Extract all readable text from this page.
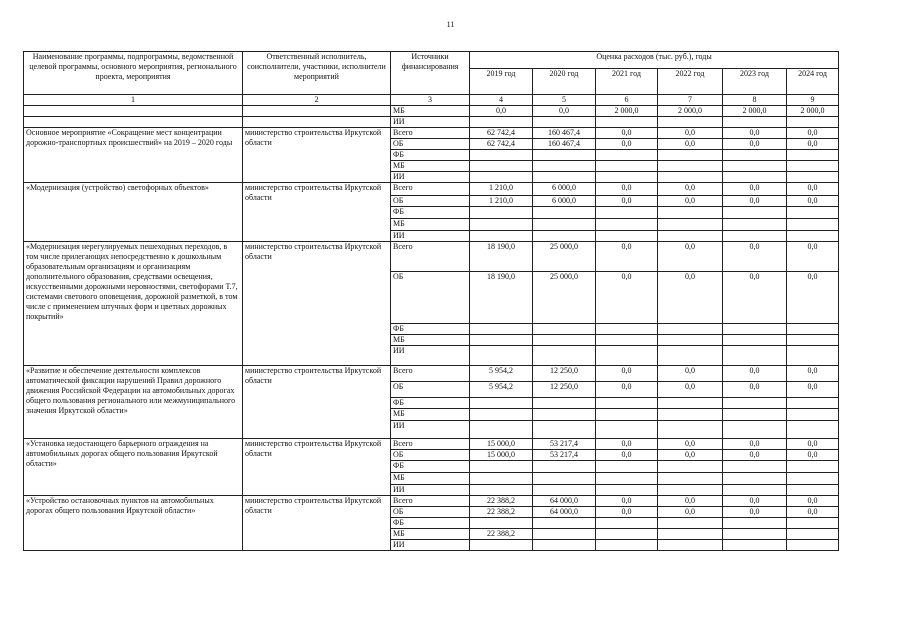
11
Наименование программы, подпрограммы, ведомственной целевой программы, основного мероприятия, регионального проекта, мероприятия	Ответственный исполнитель, соисполнители, участники, исполнители мероприятий	Источники финансирования	Оценка расходов (тыс. руб.), годы					
			2019 год	2020 год	2021 год	2022 год	2023 год	2024 год
1	2	3	4	5	6	7	8	9
		МБ	0,0	0,0	2 000,0	2 000,0	2 000,0	2 000,0
		ИИ						
Основное мероприятие «Сокращение мест концентрации дорожно-транспортных происшествий» на 2019 – 2020 годы	министерство строительства Иркутской области	Всего	62 742,4	160 467,4	0,0	0,0	0,0	0,0
		ОБ	62 742,4	160 467,4	0,0	0,0	0,0	0,0
		ФБ						
		МБ						
		ИИ						
«Модернизация (устройство) светофорных объектов»	министерство строительства Иркутской области	Всего	1 210,0	6 000,0	0,0	0,0	0,0	0,0
		ОБ	1 210,0	6 000,0	0,0	0,0	0,0	0,0
		ФБ						
		МБ						
		ИИ						
«Модернизация нерегулируемых пешеходных переходов, в том числе прилегающих непосредственно к дошкольным образовательным организациям и организациям дополнительного образования, средствами освещения, искусственными дорожными неровностями, светофорами Т.7, системами светового оповещения, дорожной разметкой, в том числе с применением штучных форм и цветных дорожных покрытий»	министерство строительства Иркутской области	Всего	18 190,0	25 000,0	0,0	0,0	0,0	0,0
		ОБ	18 190,0	25 000,0	0,0	0,0	0,0	0,0
		ФБ						
		МБ						
		ИИ						
«Развитие и обеспечение деятельности комплексов автоматической фиксации нарушений Правил дорожного движения Российской Федерации на автомобильных дорогах общего пользования регионального или межмуниципального значения Иркутской области»	министерство строительства Иркутской области	Всего	5 954,2	12 250,0	0,0	0,0	0,0	0,0
		ОБ	5 954,2	12 250,0	0,0	0,0	0,0	0,0
		ФБ						
		МБ						
		ИИ						
«Установка недостающего барьерного ограждения на автомобильных дорогах общего пользования Иркутской области»	министерство строительства Иркутской области	Всего	15 000,0	53 217,4	0,0	0,0	0,0	0,0
		ОБ	15 000,0	53 217,4	0,0	0,0	0,0	0,0
		ФБ						
		МБ						
		ИИ						
«Устройство остановочных пунктов на автомобильных дорогах общего пользования Иркутской области»	министерство строительства Иркутской области	Всего	22 388,2	64 000,0	0,0	0,0	0,0	0,0
		ОБ	22 388,2	64 000,0	0,0	0,0	0,0	0,0
		ФБ						
		МБ	22 388,2					
		ИИ						
